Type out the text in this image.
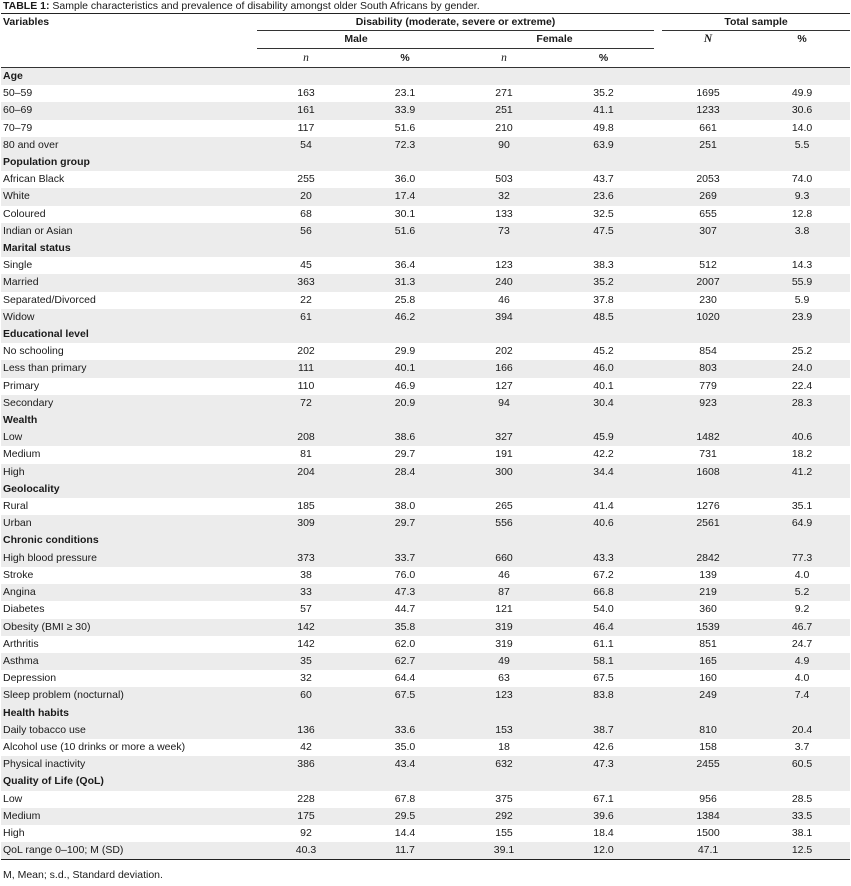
TABLE 1: Sample characteristics and prevalence of disability amongst older South Africans by gender.
Variables	Disability (moderate, severe or extreme)					Total sample	
	Male		Female			N	%
	n	%	n	%			
Age							
50–59	163	23.1	271	35.2		1695	49.9
60–69	161	33.9	251	41.1		1233	30.6
70–79	117	51.6	210	49.8		661	14.0
80 and over	54	72.3	90	63.9		251	5.5
Population group							
African Black	255	36.0	503	43.7		2053	74.0
White	20	17.4	32	23.6		269	9.3
Coloured	68	30.1	133	32.5		655	12.8
Indian or Asian	56	51.6	73	47.5		307	3.8
Marital status							
Single	45	36.4	123	38.3		512	14.3
Married	363	31.3	240	35.2		2007	55.9
Separated/Divorced	22	25.8	46	37.8		230	5.9
Widow	61	46.2	394	48.5		1020	23.9
Educational level							
No schooling	202	29.9	202	45.2		854	25.2
Less than primary	111	40.1	166	46.0		803	24.0
Primary	110	46.9	127	40.1		779	22.4
Secondary	72	20.9	94	30.4		923	28.3
Wealth							
Low	208	38.6	327	45.9		1482	40.6
Medium	81	29.7	191	42.2		731	18.2
High	204	28.4	300	34.4		1608	41.2
Geolocality							
Rural	185	38.0	265	41.4		1276	35.1
Urban	309	29.7	556	40.6		2561	64.9
Chronic conditions							
High blood pressure	373	33.7	660	43.3		2842	77.3
Stroke	38	76.0	46	67.2		139	4.0
Angina	33	47.3	87	66.8		219	5.2
Diabetes	57	44.7	121	54.0		360	9.2
Obesity (BMI ≥ 30)	142	35.8	319	46.4		1539	46.7
Arthritis	142	62.0	319	61.1		851	24.7
Asthma	35	62.7	49	58.1		165	4.9
Depression	32	64.4	63	67.5		160	4.0
Sleep problem (nocturnal)	60	67.5	123	83.8		249	7.4
Health habits							
Daily tobacco use	136	33.6	153	38.7		810	20.4
Alcohol use (10 drinks or more a week)	42	35.0	18	42.6		158	3.7
Physical inactivity	386	43.4	632	47.3		2455	60.5
Quality of Life (QoL)							
Low	228	67.8	375	67.1		956	28.5
Medium	175	29.5	292	39.6		1384	33.5
High	92	14.4	155	18.4		1500	38.1
QoL range 0–100; M (SD)	40.3	11.7	39.1	12.0		47.1	12.5
M, Mean; s.d., Standard deviation.
